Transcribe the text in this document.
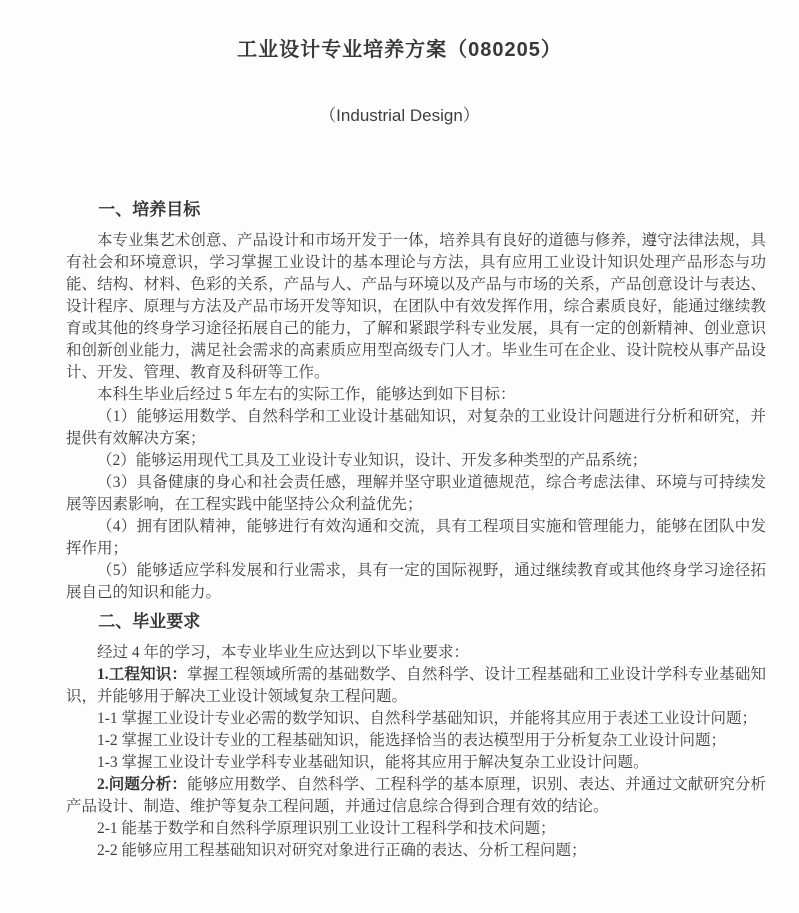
工业设计专业培养方案（080205）
（Industrial Design）
一、培养目标

本专业集艺术创意、产品设计和市场开发于一体，培养具有良好的道德与修养，遵守法律法规，具有社会和环境意识，学习掌握工业设计的基本理论与方法，具有应用工业设计知识处理产品形态与功能、结构、材料、色彩的关系，产品与人、产品与环境以及产品与市场的关系，产品创意设计与表达、设计程序、原理与方法及产品市场开发等知识，在团队中有效发挥作用，综合素质良好，能通过继续教育或其他的终身学习途径拓展自己的能力，了解和紧跟学科专业发展，具有一定的创新精神、创业意识和创新创业能力，满足社会需求的高素质应用型高级专门人才。毕业生可在企业、设计院校从事产品设计、开发、管理、教育及科研等工作。

本科生毕业后经过 5 年左右的实际工作，能够达到如下目标：

（1）能够运用数学、自然科学和工业设计基础知识，对复杂的工业设计问题进行分析和研究，并提供有效解决方案；

（2）能够运用现代工具及工业设计专业知识，设计、开发多种类型的产品系统；

（3）具备健康的身心和社会责任感，理解并坚守职业道德规范，综合考虑法律、环境与可持续发展等因素影响，在工程实践中能坚持公众利益优先；

（4）拥有团队精神，能够进行有效沟通和交流，具有工程项目实施和管理能力，能够在团队中发挥作用；

（5）能够适应学科发展和行业需求，具有一定的国际视野，通过继续教育或其他终身学习途径拓展自己的知识和能力。

二、毕业要求

经过 4 年的学习，本专业毕业生应达到以下毕业要求：

1.工程知识：掌握工程领域所需的基础数学、自然科学、设计工程基础和工业设计学科专业基础知识，并能够用于解决工业设计领域复杂工程问题。

1-1 掌握工业设计专业必需的数学知识、自然科学基础知识，并能将其应用于表述工业设计问题；

1-2 掌握工业设计专业的工程基础知识，能选择恰当的表达模型用于分析复杂工业设计问题；

1-3 掌握工业设计专业学科专业基础知识，能将其应用于解决复杂工业设计问题。

2.问题分析：能够应用数学、自然科学、工程科学的基本原理，识别、表达、并通过文献研究分析产品设计、制造、维护等复杂工程问题，并通过信息综合得到合理有效的结论。

2-1 能基于数学和自然科学原理识别工业设计工程科学和技术问题；

2-2 能够应用工程基础知识对研究对象进行正确的表达、分析工程问题；
